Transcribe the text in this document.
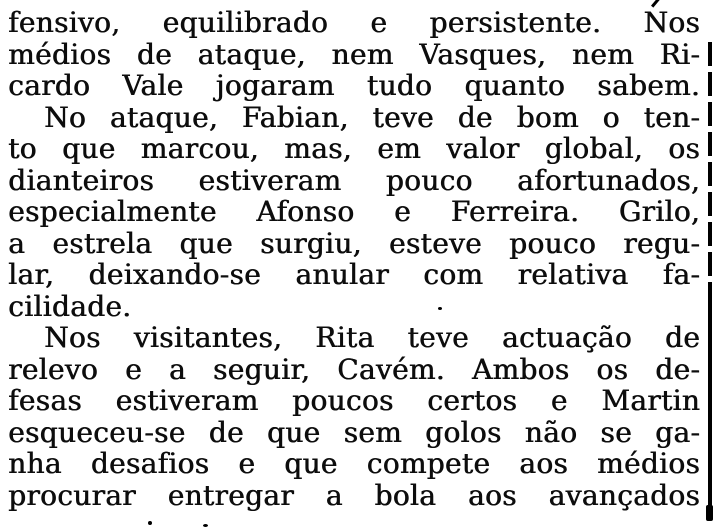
fensivo, equilibrado e persistente. Nos
médios de ataque, nem Vasques, nem Ri-
cardo Vale jogaram tudo quanto sabem.
No ataque, Fabian, teve de bom o ten-
to que marcou, mas, em valor global, os
dianteiros estiveram pouco afortunados,
especialmente Afonso e Ferreira. Grilo,
a estrela que surgiu, esteve pouco regu-
lar, deixando-se anular com relativa fa-
cilidade.
Nos visitantes, Rita teve actuação de
relevo e a seguir, Cavém. Ambos os de-
fesas estiveram poucos certos e Martin
esqueceu-se de que sem golos não se ga-
nha desafios e que compete aos médios
procurar entregar a bola aos avançados
